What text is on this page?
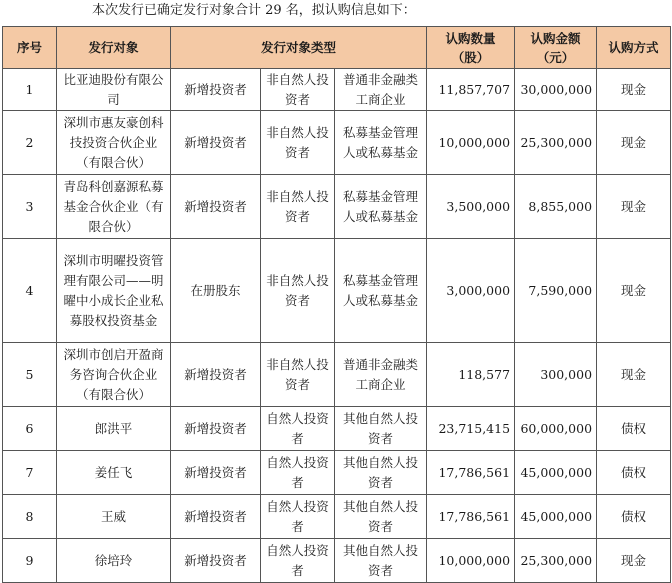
本次发行已确定发行对象合计 29 名，拟认购信息如下：
序号	发行对象	发行对象类型			认购数量（股）	认购金额（元）	认购方式
1	比亚迪股份有限公司	新增投资者	非自然人投资者	普通非金融类工商企业	11,857,707	30,000,000	现金
2	深圳市惠友豪创科技投资合伙企业（有限合伙）	新增投资者	非自然人投资者	私募基金管理人或私募基金	10,000,000	25,300,000	现金
3	青岛科创嘉源私募基金合伙企业（有限合伙）	新增投资者	非自然人投资者	私募基金管理人或私募基金	3,500,000	8,855,000	现金
4	深圳市明曜投资管理有限公司——明曜中小成长企业私募股权投资基金	在册股东	非自然人投资者	私募基金管理人或私募基金	3,000,000	7,590,000	现金
5	深圳市创启开盈商务咨询合伙企业（有限合伙）	新增投资者	非自然人投资者	普通非金融类工商企业	118,577	300,000	现金
6	郎洪平	新增投资者	自然人投资者	其他自然人投资者	23,715,415	60,000,000	债权
7	姜任飞	新增投资者	自然人投资者	其他自然人投资者	17,786,561	45,000,000	债权
8	王威	新增投资者	自然人投资者	其他自然人投资者	17,786,561	45,000,000	债权
9	徐培玲	新增投资者	自然人投资者	其他自然人投资者	10,000,000	25,300,000	现金
